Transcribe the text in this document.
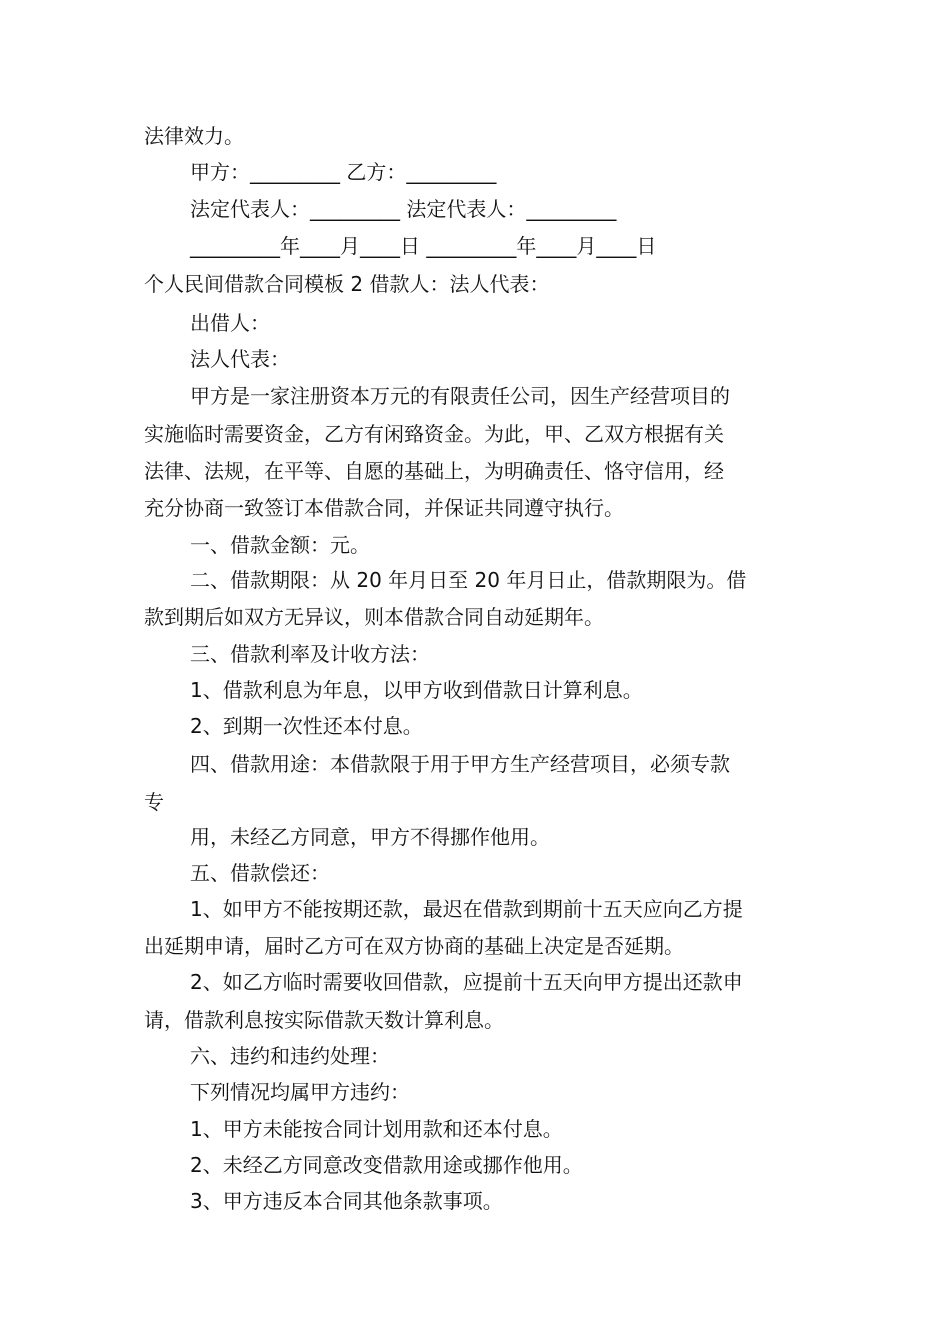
法律效力。
甲方：_________ 乙方：_________
法定代表人：_________ 法定代表人：_________
_________年____月____日 _________年____月____日
个人民间借款合同模板 2 借款人：法人代表：
出借人：
法人代表：
甲方是一家注册资本万元的有限责任公司，因生产经营项目的
实施临时需要资金，乙方有闲臵资金。为此，甲、乙双方根据有关
法律、法规，在平等、自愿的基础上，为明确责任、恪守信用，经
充分协商一致签订本借款合同，并保证共同遵守执行。
一、借款金额：元。
二、借款期限：从 20 年月日至 20 年月日止，借款期限为。借
款到期后如双方无异议，则本借款合同自动延期年。
三、借款利率及计收方法：
1、借款利息为年息，以甲方收到借款日计算利息。
2、到期一次性还本付息。
四、借款用途：本借款限于用于甲方生产经营项目，必须专款
专
用，未经乙方同意，甲方不得挪作他用。
五、借款偿还：
1、如甲方不能按期还款，最迟在借款到期前十五天应向乙方提
出延期申请，届时乙方可在双方协商的基础上决定是否延期。
2、如乙方临时需要收回借款，应提前十五天向甲方提出还款申
请，借款利息按实际借款天数计算利息。
六、违约和违约处理：
下列情况均属甲方违约：
1、甲方未能按合同计划用款和还本付息。
2、未经乙方同意改变借款用途或挪作他用。
3、甲方违反本合同其他条款事项。
